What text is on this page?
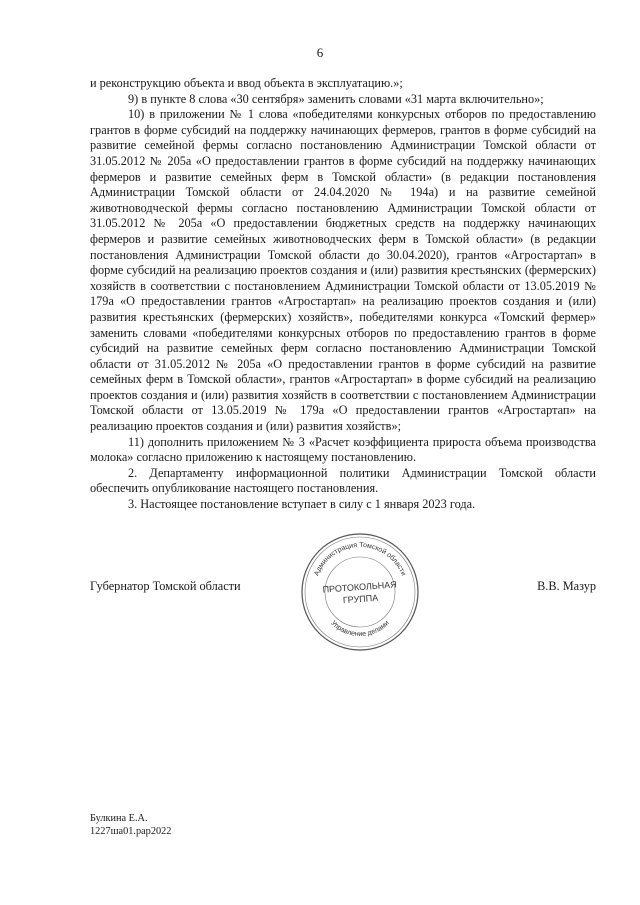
6

и реконструкцию объекта и ввод объекта в эксплуатацию.»;

9) в пункте 8 слова «30 сентября» заменить словами «31 марта включительно»;

10) в приложении № 1 слова «победителями конкурсных отборов по предоставлению грантов в форме субсидий на поддержку начинающих фермеров, грантов в форме субсидий на развитие семейной фермы согласно постановлению Администрации Томской области от 31.05.2012 № 205а «О предоставлении грантов в форме субсидий на поддержку начинающих фермеров и развитие семейных ферм в Томской области» (в редакции постановления Администрации Томской области от 24.04.2020 № 194а) и на развитие семейной животноводческой фермы согласно постановлению Администрации Томской области от 31.05.2012 № 205а «О предоставлении бюджетных средств на поддержку начинающих фермеров и развитие семейных животноводческих ферм в Томской области» (в редакции постановления Администрации Томской области до 30.04.2020), грантов «Агростартап» в форме субсидий на реализацию проектов создания и (или) развития крестьянских (фермерских) хозяйств в соответствии с постановлением Администрации Томской области от 13.05.2019 № 179а «О предоставлении грантов «Агростартап» на реализацию проектов создания и (или) развития крестьянских (фермерских) хозяйств», победителями конкурса «Томский фермер» заменить словами «победителями конкурсных отборов по предоставлению грантов в форме субсидий на развитие семейных ферм согласно постановлению Администрации Томской области от 31.05.2012 № 205а «О предоставлении грантов в форме субсидий на развитие семейных ферм в Томской области», грантов «Агростартап» в форме субсидий на реализацию проектов создания и (или) развития хозяйств в соответствии с постановлением Администрации Томской области от 13.05.2019 № 179а «О предоставлении грантов «Агростартап» на реализацию проектов создания и (или) развития хозяйств»;

11) дополнить приложением № 3 «Расчет коэффициента прироста объема производства молока» согласно приложению к настоящему постановлению.

2. Департаменту информационной политики Администрации Томской области обеспечить опубликование настоящего постановления.

3. Настоящее постановление вступает в силу с 1 января 2023 года.

Губернатор Томской области	В.В. Мазур
Администрация Томской области
Управление делами
ПРОТОКОЛЬНАЯ
ГРУППА
Булкина Е.А.
1227ша01.рар2022
